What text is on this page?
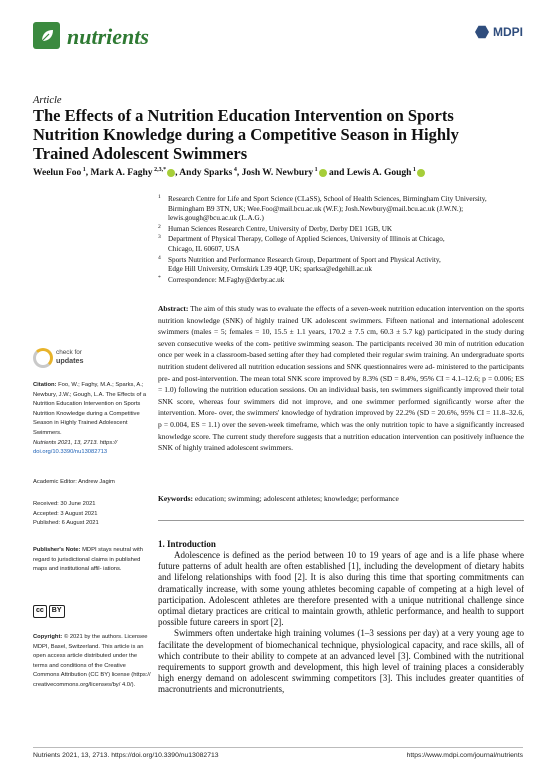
nutrients	MDPI
Article
The Effects of a Nutrition Education Intervention on Sports Nutrition Knowledge during a Competitive Season in Highly Trained Adolescent Swimmers
Weelun Foo $^1$, Mark A. Faghy $^{2,3,*}$ , Andy Sparks $^4$, Josh W. Newbury $^1$ and Lewis A. Gough $^1$
1 Research Centre for Life and Sport Science (CLaSS), School of Health Sciences, Birmingham City University,
Birmingham B9 3TN, UK; Wee.Foo@mail.bcu.ac.uk (W.F.); Josh.Newbury@mail.bcu.ac.uk (J.W.N.);
lewis.gough@bcu.ac.uk (L.A.G.)
2 Human Sciences Research Centre, University of Derby, Derby DE1 1GB, UK
3 Department of Physical Therapy, College of Applied Sciences, University of Illinois at Chicago,
Chicago, IL 60607, USA
4 Sports Nutrition and Performance Research Group, Department of Sport and Physical Activity,
Edge Hill University, Ormskirk L39 4QP, UK; sparksa@edgehill.ac.uk
* Correspondence: M.Faghy@derby.ac.uk
Abstract: The aim of this study was to evaluate the effects of a seven-week nutrition education intervention on the sports nutrition knowledge (SNK) of highly trained UK adolescent swimmers. Fifteen national and international adolescent swimmers (males = 5; females = 10, 15.5 ± 1.1 years, 170.2 ± 7.5 cm, 60.3 ± 5.7 kg) participated in the study during seven consecutive weeks of the com- petitive swimming season. The participants received 30 min of nutrition education once per week in a classroom-based setting after they had completed their regular swim training. An undergraduate sports nutrition student delivered all nutrition education sessions and SNK questionnaires were ad- ministered to the participants pre- and post-intervention. The mean total SNK score improved by 8.3% (SD = 8.4%, 95% CI = 4.1–12.6; p = 0.006; ES = 1.0) following the nutrition education sessions. On an individual basis, ten swimmers significantly improved their total SNK score, whereas four swimmers did not improve, and one swimmer performed significantly worse after the intervention. More- over, the swimmers' knowledge of hydration improved by 22.2% (SD = 20.6%, 95% CI = 11.8–32.6, p = 0.004, ES = 1.1) over the seven-week timeframe, which was the only nutrition topic to have a significantly increased knowledge score. The current study therefore suggests that a nutrition education intervention can positively influence the SNK of highly trained adolescent swimmers.
Keywords: education; swimming; adolescent athletes; knowledge; performance
check for
updates
Citation: Foo, W.; Faghy, M.A.; Sparks, A.; Newbury, J.W.; Gough, L.A. The Effects of a Nutrition Education Intervention on Sports Nutrition Knowledge during a Competitive Season in Highly Trained Adolescent Swimmers.
Nutrients 2021, 13, 2713. https://
doi.org/10.3390/nu13082713
Academic Editor: Andrew Jagim
Received: 30 June 2021
Accepted: 3 August 2021
Published: 6 August 2021
Publisher's Note: MDPI stays neutral with regard to jurisdictional claims in published maps and institutional affil- iations.
cc	BY
Copyright: © 2021 by the authors. Licensee MDPI, Basel, Switzerland. This article is an open access article distributed under the terms and conditions of the Creative Commons Attribution (CC BY) license (https:// creativecommons.org/licenses/by/ 4.0/).
1. Introduction

Adolescence is defined as the period between 10 to 19 years of age and is a life phase where future patterns of adult health are often established [1], including the development of dietary habits and lifelong relationships with food [2]. It is also during this time that sporting commitments can dramatically increase, with some young athletes becoming capable of competing at a high level of participation. Adolescent athletes are therefore presented with a unique nutritional challenge since optimal dietary practices are critical to maintain growth, athletic performance, and health to support possible future careers in sport [2].

Swimmers often undertake high training volumes (1–3 sessions per day) at a very young age to facilitate the development of biomechanical technique, physiological capacity, and race skills, all of which contribute to their ability to compete at an advanced level [3]. Combined with the nutritional requirements to support growth and development, this high level of training places a considerably high energy demand on adolescent swimming competitors [3]. This includes greater quantities of macronutrients and micronutrients,

Nutrients 2021, 13, 2713. https://doi.org/10.3390/nu13082713	https://www.mdpi.com/journal/nutrients
